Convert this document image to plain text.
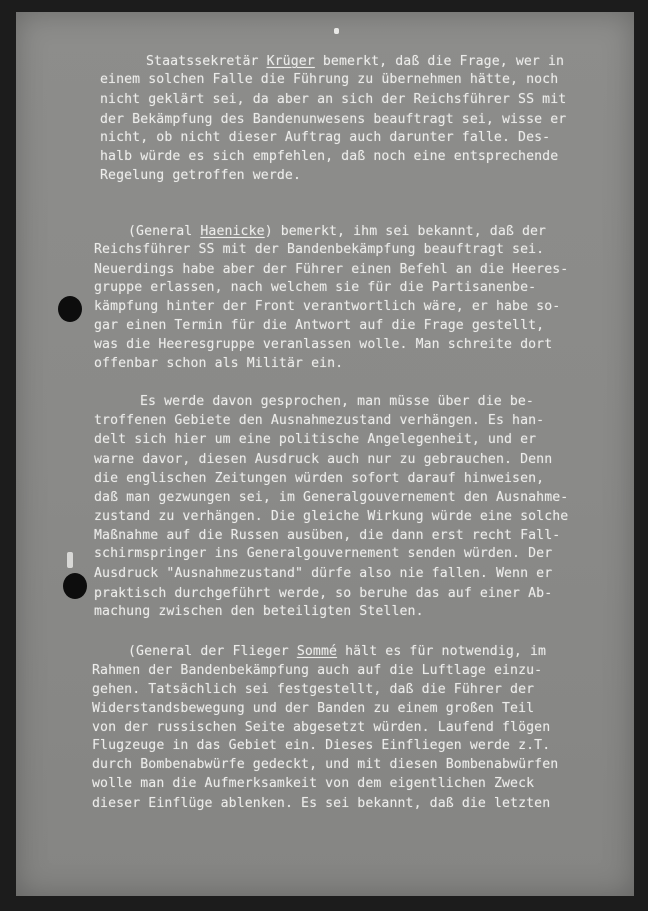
Staatssekretär Krüger bemerkt, daß die Frage, wer in
einem solchen Falle die Führung zu übernehmen hätte, noch
nicht geklärt sei, da aber an sich der Reichsführer SS mit
der Bekämpfung des Bandenunwesens beauftragt sei, wisse er
nicht, ob nicht dieser Auftrag auch darunter falle. Des-
halb würde es sich empfehlen, daß noch eine entsprechende
Regelung getroffen werde.
(General Haenicke) bemerkt, ihm sei bekannt, daß der
Reichsführer SS mit der Bandenbekämpfung beauftragt sei.
Neuerdings habe aber der Führer einen Befehl an die Heeres-
gruppe erlassen, nach welchem sie für die Partisanenbe-
kämpfung hinter der Front verantwortlich wäre, er habe so-
gar einen Termin für die Antwort auf die Frage gestellt,
was die Heeresgruppe veranlassen wolle. Man schreite dort
offenbar schon als Militär ein.
Es werde davon gesprochen, man müsse über die be-
troffenen Gebiete den Ausnahmezustand verhängen. Es han-
delt sich hier um eine politische Angelegenheit, und er
warne davor, diesen Ausdruck auch nur zu gebrauchen. Denn
die englischen Zeitungen würden sofort darauf hinweisen,
daß man gezwungen sei, im Generalgouvernement den Ausnahme-
zustand zu verhängen. Die gleiche Wirkung würde eine solche
Maßnahme auf die Russen ausüben, die dann erst recht Fall-
schirmspringer ins Generalgouvernement senden würden. Der
Ausdruck "Ausnahmezustand" dürfe also nie fallen. Wenn er
praktisch durchgeführt werde, so beruhe das auf einer Ab-
machung zwischen den beteiligten Stellen.
(General der Flieger Sommé hält es für notwendig, im
Rahmen der Bandenbekämpfung auch auf die Luftlage einzu-
gehen. Tatsächlich sei festgestellt, daß die Führer der
Widerstandsbewegung und der Banden zu einem großen Teil
von der russischen Seite abgesetzt würden. Laufend flögen
Flugzeuge in das Gebiet ein. Dieses Einfliegen werde z.T.
durch Bombenabwürfe gedeckt, und mit diesen Bombenabwürfen
wolle man die Aufmerksamkeit von dem eigentlichen Zweck
dieser Einflüge ablenken. Es sei bekannt, daß die letzten
